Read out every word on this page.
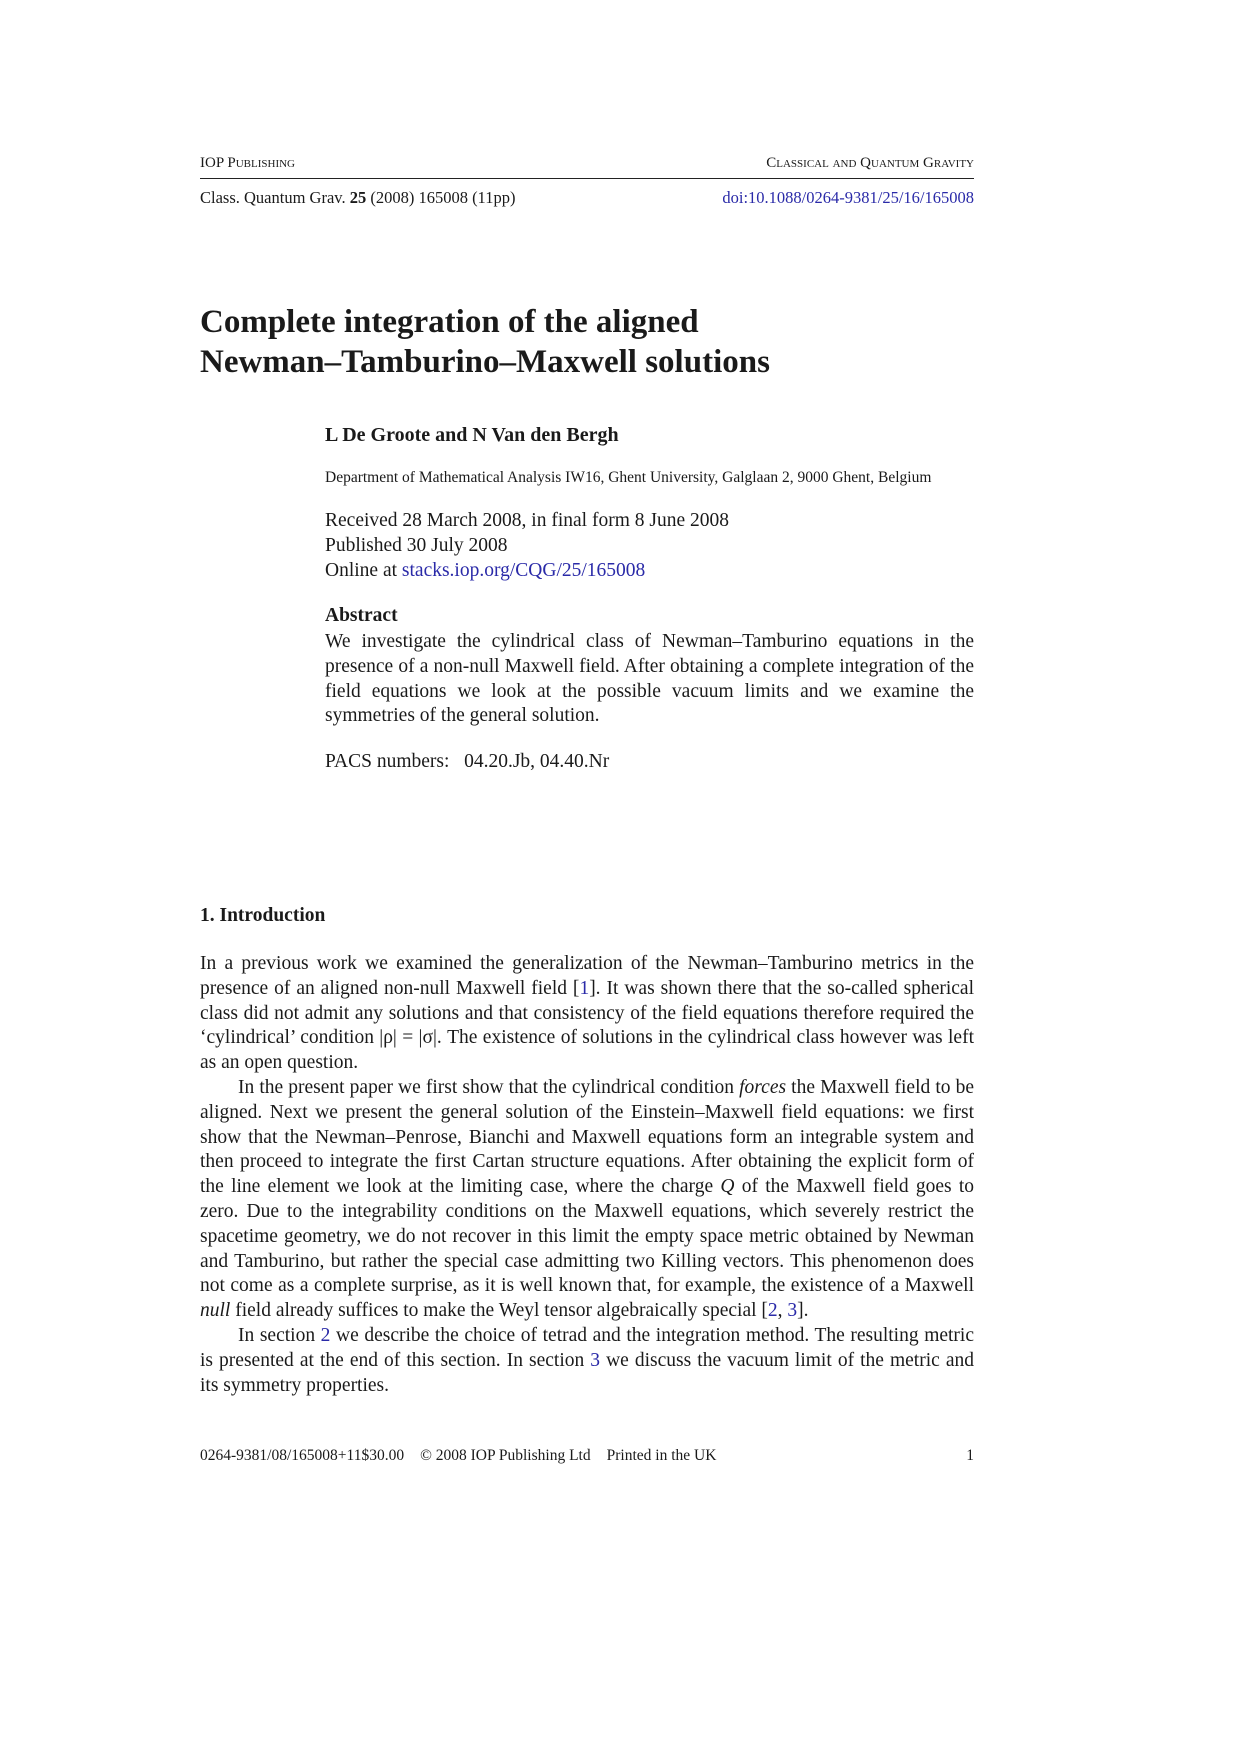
IOP Publishing	Classical and Quantum Gravity
Class. Quantum Grav. 25 (2008) 165008 (11pp)	doi:10.1088/0264-9381/25/16/165008
Complete integration of the aligned
Newman–Tamburino–Maxwell solutions
L De Groote and N Van den Bergh
Department of Mathematical Analysis IW16, Ghent University, Galglaan 2, 9000 Ghent, Belgium
Received 28 March 2008, in final form 8 June 2008
Published 30 July 2008
Online at stacks.iop.org/CQG/25/165008
Abstract

We investigate the cylindrical class of Newman–Tamburino equations in the presence of a non-null Maxwell field. After obtaining a complete integration of the field equations we look at the possible vacuum limits and we examine the symmetries of the general solution.

PACS numbers: 04.20.Jb, 04.40.Nr
1. Introduction

In a previous work we examined the generalization of the Newman–Tamburino metrics in the presence of an aligned non-null Maxwell field [1]. It was shown there that the so-called spherical class did not admit any solutions and that consistency of the field equations therefore required the ‘cylindrical’ condition |ρ| = |σ|. The existence of solutions in the cylindrical class however was left as an open question.

In the present paper we first show that the cylindrical condition forces the Maxwell field to be aligned. Next we present the general solution of the Einstein–Maxwell field equations: we first show that the Newman–Penrose, Bianchi and Maxwell equations form an integrable system and then proceed to integrate the first Cartan structure equations. After obtaining the explicit form of the line element we look at the limiting case, where the charge Q of the Maxwell field goes to zero. Due to the integrability conditions on the Maxwell equations, which severely restrict the spacetime geometry, we do not recover in this limit the empty space metric obtained by Newman and Tamburino, but rather the special case admitting two Killing vectors. This phenomenon does not come as a complete surprise, as it is well known that, for example, the existence of a Maxwell null field already suffices to make the Weyl tensor algebraically special [2, 3].

In section 2 we describe the choice of tetrad and the integration method. The resulting metric is presented at the end of this section. In section 3 we discuss the vacuum limit of the metric and its symmetry properties.

0264-9381/08/165008+11$30.00 © 2008 IOP Publishing Ltd Printed in the UK	1
